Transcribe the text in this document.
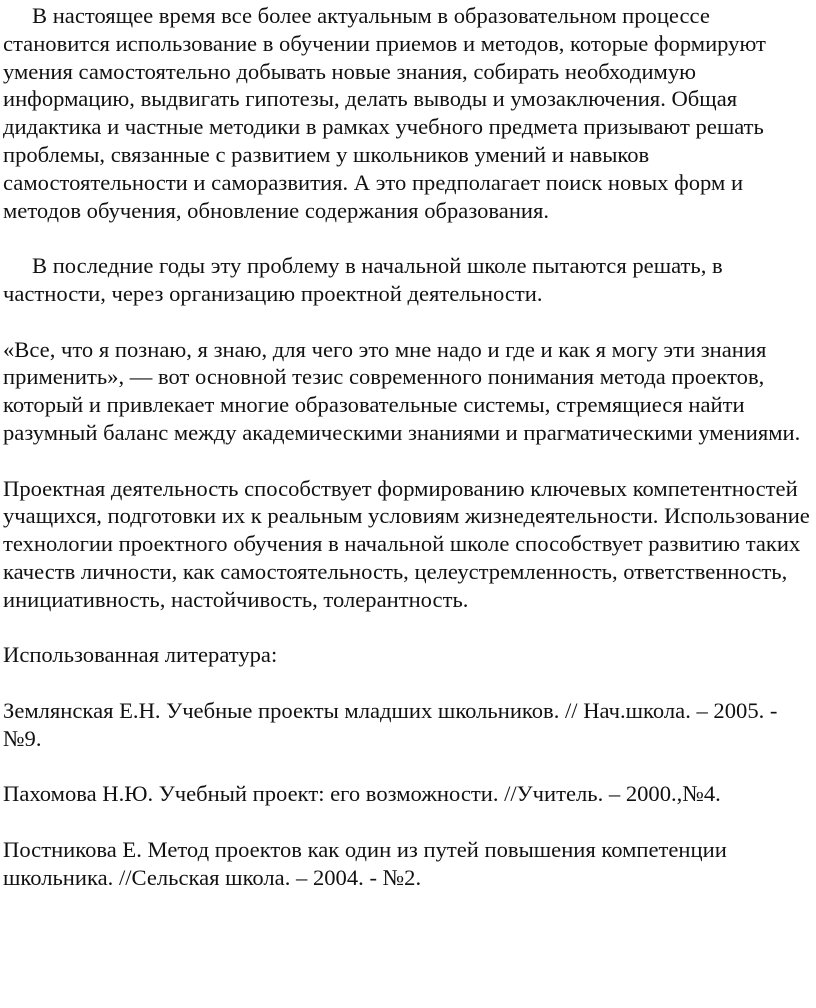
В настоящее время все более актуальным в образовательном процессе становится использование в обучении приемов и методов, которые формируют умения самостоятельно добывать новые знания, собирать необходимую информацию, выдвигать гипотезы, делать выводы и умозаключения. Общая дидактика и частные методики в рамках учебного предмета призывают решать проблемы, связанные с развитием у школьников умений и навыков самостоятельности и саморазвития. А это предполагает поиск новых форм и методов обучения, обновление содержания образования.

В последние годы эту проблему в начальной школе пытаются решать, в частности, через организацию проектной деятельности.

«Все, что я познаю, я знаю, для чего это мне надо и где и как я могу эти знания применить», — вот основной тезис современного понимания метода проектов, который и привлекает многие образовательные системы, стремящиеся найти разумный баланс между академическими знаниями и прагматическими умениями.

Проектная деятельность способствует формированию ключевых компетентностей учащихся, подготовки их к реальным условиям жизнедеятельности. Использование технологии проектного обучения в начальной школе способствует развитию таких качеств личности, как самостоятельность, целеустремленность, ответственность, инициативность, настойчивость, толерантность.

Использованная литература:

Землянская Е.Н. Учебные проекты младших школьников. // Нач.школа. – 2005. - №9.

Пахомова Н.Ю. Учебный проект: его возможности. //Учитель. – 2000.,№4.

Постникова Е. Метод проектов как один из путей повышения компетенции школьника. //Сельская школа. – 2004. - №2.
